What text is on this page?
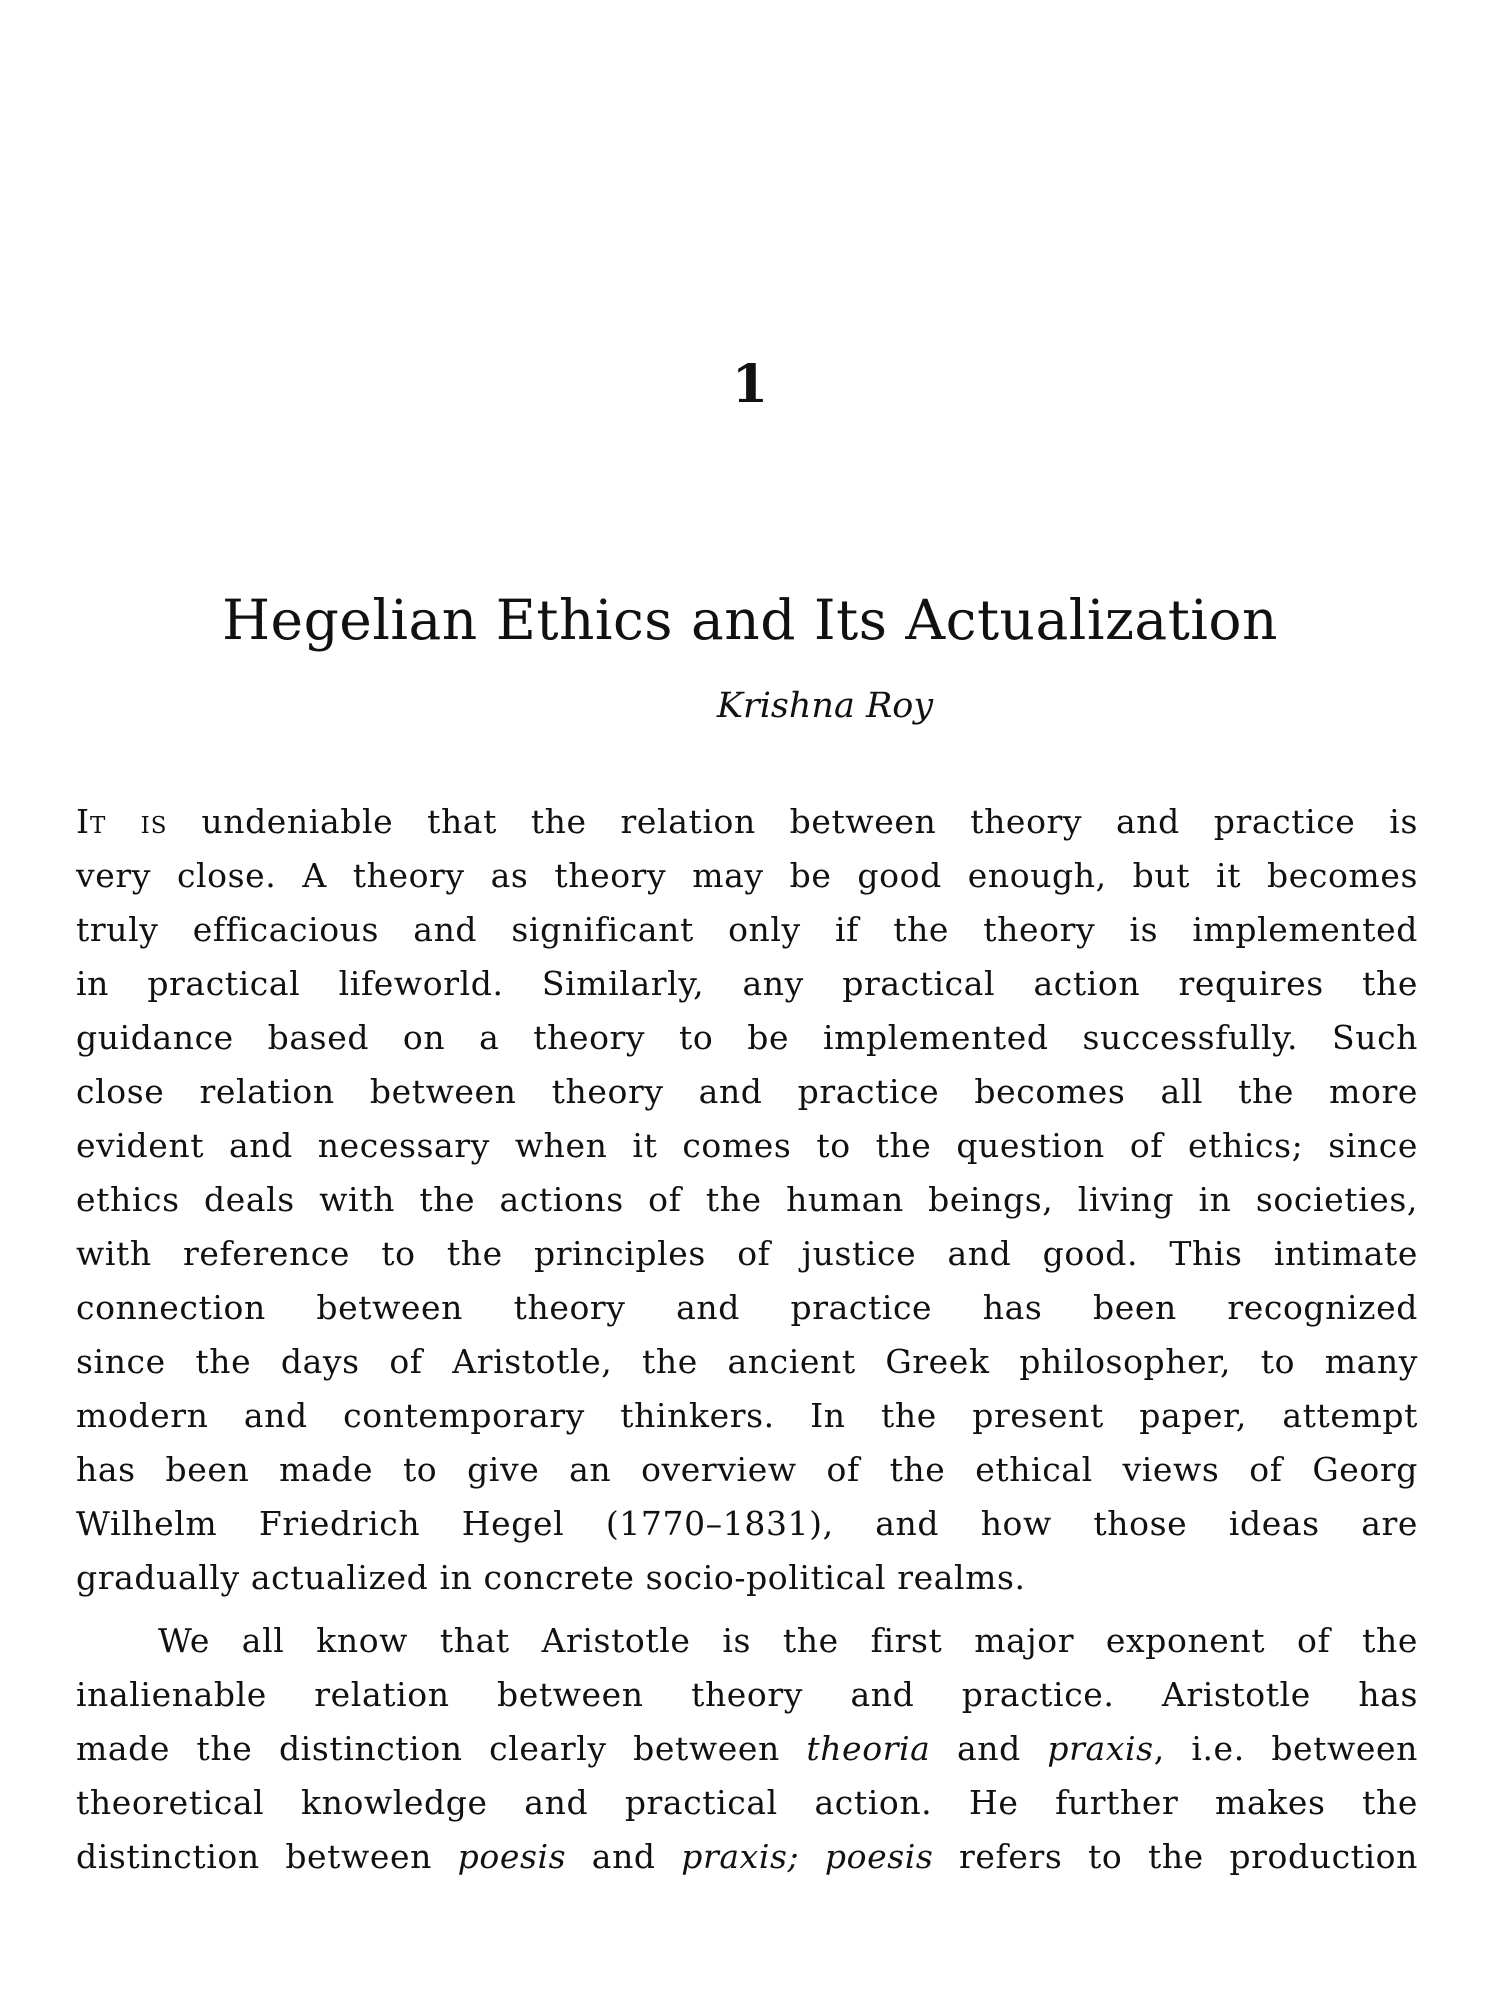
1
Hegelian Ethics and Its Actualization
Krishna Roy
It is undeniable that the relation between theory and practice is
very close. A theory as theory may be good enough, but it becomes
truly efficacious and significant only if the theory is implemented
in practical lifeworld. Similarly, any practical action requires the
guidance based on a theory to be implemented successfully. Such
close relation between theory and practice becomes all the more
evident and necessary when it comes to the question of ethics; since
ethics deals with the actions of the human beings, living in societies,
with reference to the principles of justice and good. This intimate
connection between theory and practice has been recognized
since the days of Aristotle, the ancient Greek philosopher, to many
modern and contemporary thinkers. In the present paper, attempt
has been made to give an overview of the ethical views of Georg
Wilhelm Friedrich Hegel (1770–1831), and how those ideas are
gradually actualized in concrete socio-political realms.
We all know that Aristotle is the first major exponent of the
inalienable relation between theory and practice. Aristotle has
made the distinction clearly between theoria and praxis, i.e. between
theoretical knowledge and practical action. He further makes the
distinction between poesis and praxis; poesis refers to the production
